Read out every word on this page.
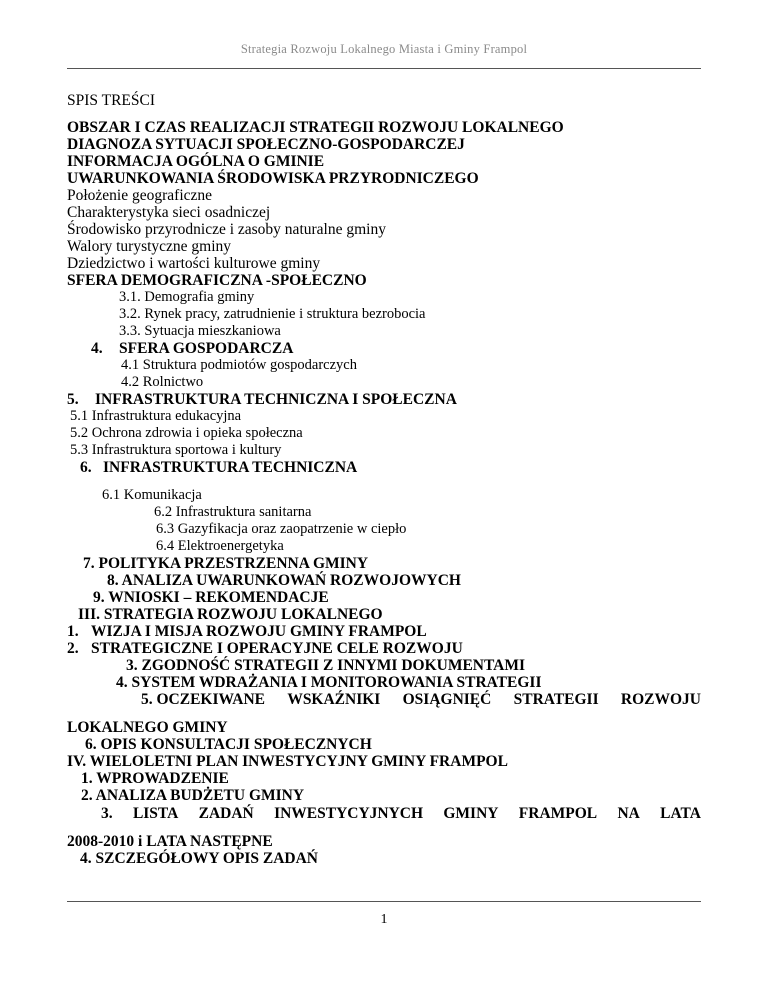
Strategia Rozwoju Lokalnego Miasta i Gminy Frampol
SPIS TREŚCI
OBSZAR I CZAS REALIZACJI STRATEGII ROZWOJU LOKALNEGO
DIAGNOZA SYTUACJI SPOŁECZNO-GOSPODARCZEJ
INFORMACJA OGÓLNA O GMINIE
UWARUNKOWANIA ŚRODOWISKA PRZYRODNICZEGO
Położenie geograficzne
Charakterystyka sieci osadniczej
Środowisko przyrodnicze i zasoby naturalne gminy
Walory turystyczne gminy
Dziedzictwo i wartości kulturowe gminy
SFERA DEMOGRAFICZNA -SPOŁECZNO
3.1. Demografia gminy
3.2. Rynek pracy, zatrudnienie i struktura bezrobocia
3.3. Sytuacja mieszkaniowa
4. SFERA GOSPODARCZA
4.1 Struktura podmiotów gospodarczych
4.2 Rolnictwo
5. INFRASTRUKTURA TECHNICZNA I SPOŁECZNA
5.1 Infrastruktura edukacyjna
5.2 Ochrona zdrowia i opieka społeczna
5.3 Infrastruktura sportowa i kultury
6. INFRASTRUKTURA TECHNICZNA
6.1 Komunikacja
6.2 Infrastruktura sanitarna
6.3 Gazyfikacja oraz zaopatrzenie w ciepło
6.4 Elektroenergetyka
7. POLITYKA PRZESTRZENNA GMINY
8. ANALIZA UWARUNKOWAŃ ROZWOJOWYCH
9. WNIOSKI – REKOMENDACJE
III. STRATEGIA ROZWOJU LOKALNEGO
1. WIZJA I MISJA ROZWOJU GMINY FRAMPOL
2. STRATEGICZNE I OPERACYJNE CELE ROZWOJU
3. ZGODNOŚĆ STRATEGII Z INNYMI DOKUMENTAMI
4. SYSTEM WDRAŻANIA I MONITOROWANIA STRATEGII
5. OCZEKIWANE WSKAŹNIKI OSIĄGNIĘĆ STRATEGII ROZWOJU
LOKALNEGO GMINY
6. OPIS KONSULTACJI SPOŁECZNYCH
IV. WIELOLETNI PLAN INWESTYCYJNY GMINY FRAMPOL
1. WPROWADZENIE
2. ANALIZA BUDŻETU GMINY
3. LISTA ZADAŃ INWESTYCYJNYCH GMINY FRAMPOL NA LATA
2008-2010 i LATA NASTĘPNE
4. SZCZEGÓŁOWY OPIS ZADAŃ
1
